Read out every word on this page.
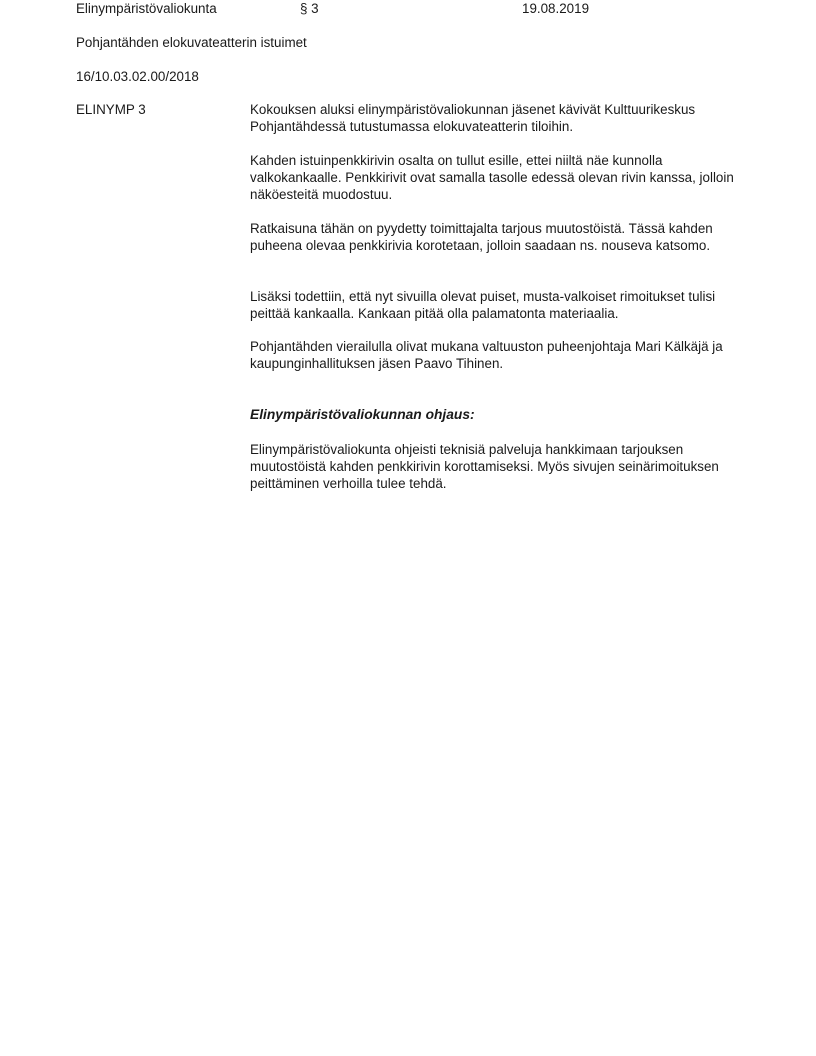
Elinympäristövaliokunta	§ 3	19.08.2019
Pohjantähden elokuvateatterin istuimet
16/10.03.02.00/2018
ELINYMP 3	Kokouksen aluksi elinympäristövaliokunnan jäsenet kävivät Kulttuurikeskus Pohjantähdessä tutustumassa elokuvateatterin tiloihin.

Kahden istuinpenkkirivin osalta on tullut esille, ettei niiltä näe kunnolla valkokankaalle. Penkkirivit ovat samalla tasolle edessä olevan rivin kanssa, jolloin näköesteitä muodostuu.

Ratkaisuna tähän on pyydetty toimittajalta tarjous muutostöistä. Tässä kahden puheena olevaa penkkirivia korotetaan, jolloin saadaan ns. nouseva katsomo.

Lisäksi todettiin, että nyt sivuilla olevat puiset, musta-valkoiset rimoitukset tulisi peittää kankaalla. Kankaan pitää olla palamatonta materiaalia.

Pohjantähden vierailulla olivat mukana valtuuston puheenjohtaja Mari Kälkäjä ja kaupunginhallituksen jäsen Paavo Tihinen.

Elinympäristövaliokunnan ohjaus:

Elinympäristövaliokunta ohjeisti teknisiä palveluja hankkimaan tarjouksen muutostöistä kahden penkkirivin korottamiseksi. Myös sivujen seinärimoituksen peittäminen verhoilla tulee tehdä.
